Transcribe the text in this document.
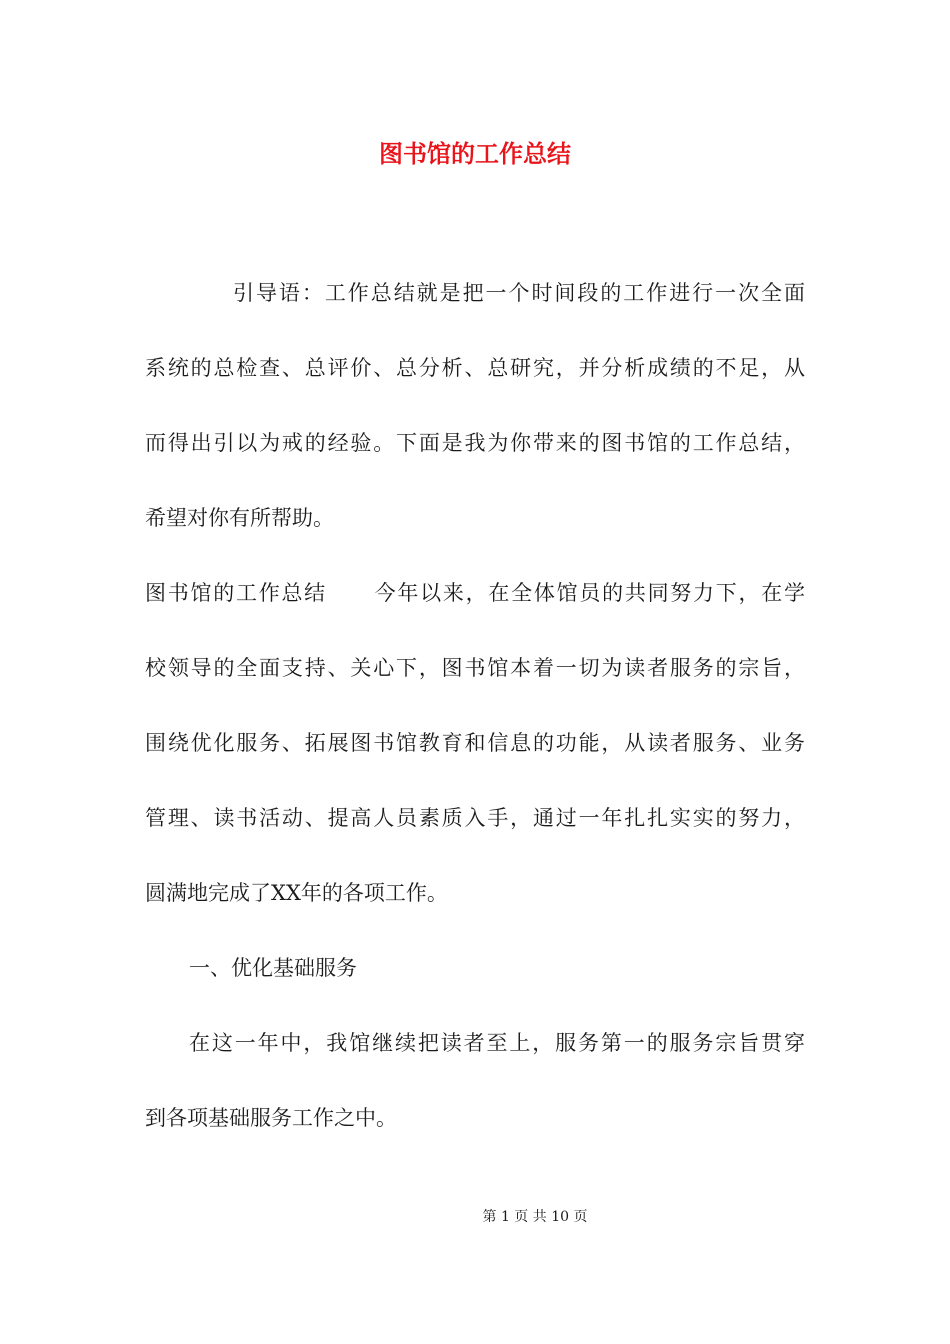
图书馆的工作总结
引导语：工作总结就是把一个时间段的工作进行一次全面
系统的总检查、总评价、总分析、总研究，并分析成绩的不足，从
而得出引以为戒的经验。下面是我为你带来的图书馆的工作总结，
希望对你有所帮助。
图书馆的工作总结 今年以来，在全体馆员的共同努力下，在学
校领导的全面支持、关心下，图书馆本着一切为读者服务的宗旨，
围绕优化服务、拓展图书馆教育和信息的功能，从读者服务、业务
管理、读书活动、提高人员素质入手，通过一年扎扎实实的努力，
圆满地完成了XX年的各项工作。
一、优化基础服务
在这一年中，我馆继续把读者至上，服务第一的服务宗旨贯穿
到各项基础服务工作之中。
第 1 页 共 10 页
